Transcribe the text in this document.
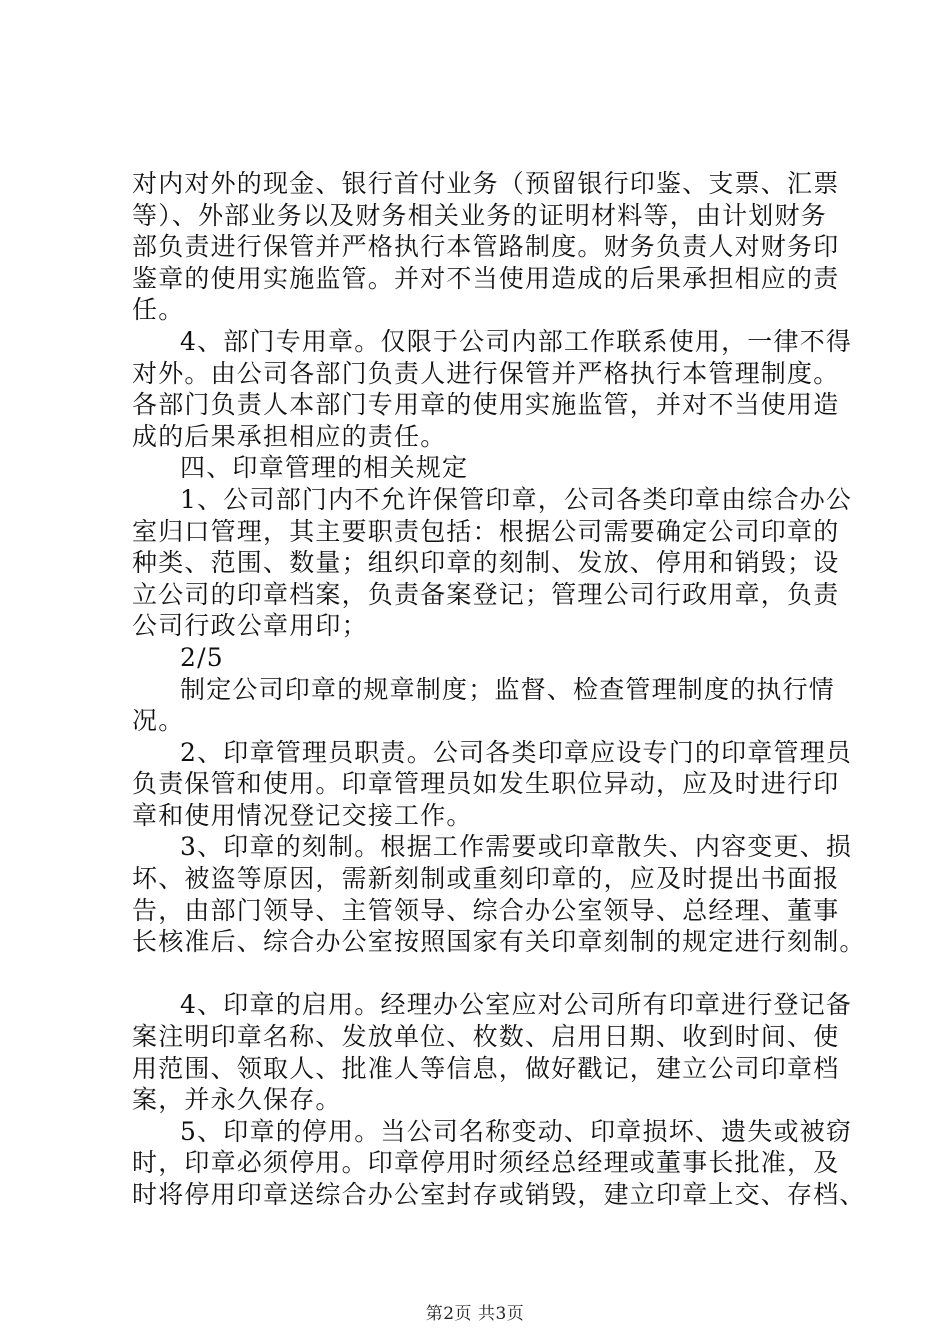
对内对外的现金、银行首付业务（预留银行印鉴、支票、汇票
等）、外部业务以及财务相关业务的证明材料等，由计划财务
部负责进行保管并严格执行本管路制度。财务负责人对财务印
鉴章的使用实施监管。并对不当使用造成的后果承担相应的责
任。
4、部门专用章。仅限于公司内部工作联系使用，一律不得
对外。由公司各部门负责人进行保管并严格执行本管理制度。
各部门负责人本部门专用章的使用实施监管，并对不当使用造
成的后果承担相应的责任。
四、印章管理的相关规定
1、公司部门内不允许保管印章，公司各类印章由综合办公
室归口管理，其主要职责包括：根据公司需要确定公司印章的
种类、范围、数量；组织印章的刻制、发放、停用和销毁；设
立公司的印章档案，负责备案登记；管理公司行政用章，负责
公司行政公章用印；
2/5
制定公司印章的规章制度；监督、检查管理制度的执行情
况。
2、印章管理员职责。公司各类印章应设专门的印章管理员
负责保管和使用。印章管理员如发生职位异动，应及时进行印
章和使用情况登记交接工作。
3、印章的刻制。根据工作需要或印章散失、内容变更、损
坏、被盗等原因，需新刻制或重刻印章的，应及时提出书面报
告，由部门领导、主管领导、综合办公室领导、总经理、董事
长核准后、综合办公室按照国家有关印章刻制的规定进行刻制。
4、印章的启用。经理办公室应对公司所有印章进行登记备
案注明印章名称、发放单位、枚数、启用日期、收到时间、使
用范围、领取人、批准人等信息，做好戳记，建立公司印章档
案，并永久保存。
5、印章的停用。当公司名称变动、印章损坏、遗失或被窃
时，印章必须停用。印章停用时须经总经理或董事长批准，及
时将停用印章送综合办公室封存或销毁，建立印章上交、存档、
第2页 共3页
